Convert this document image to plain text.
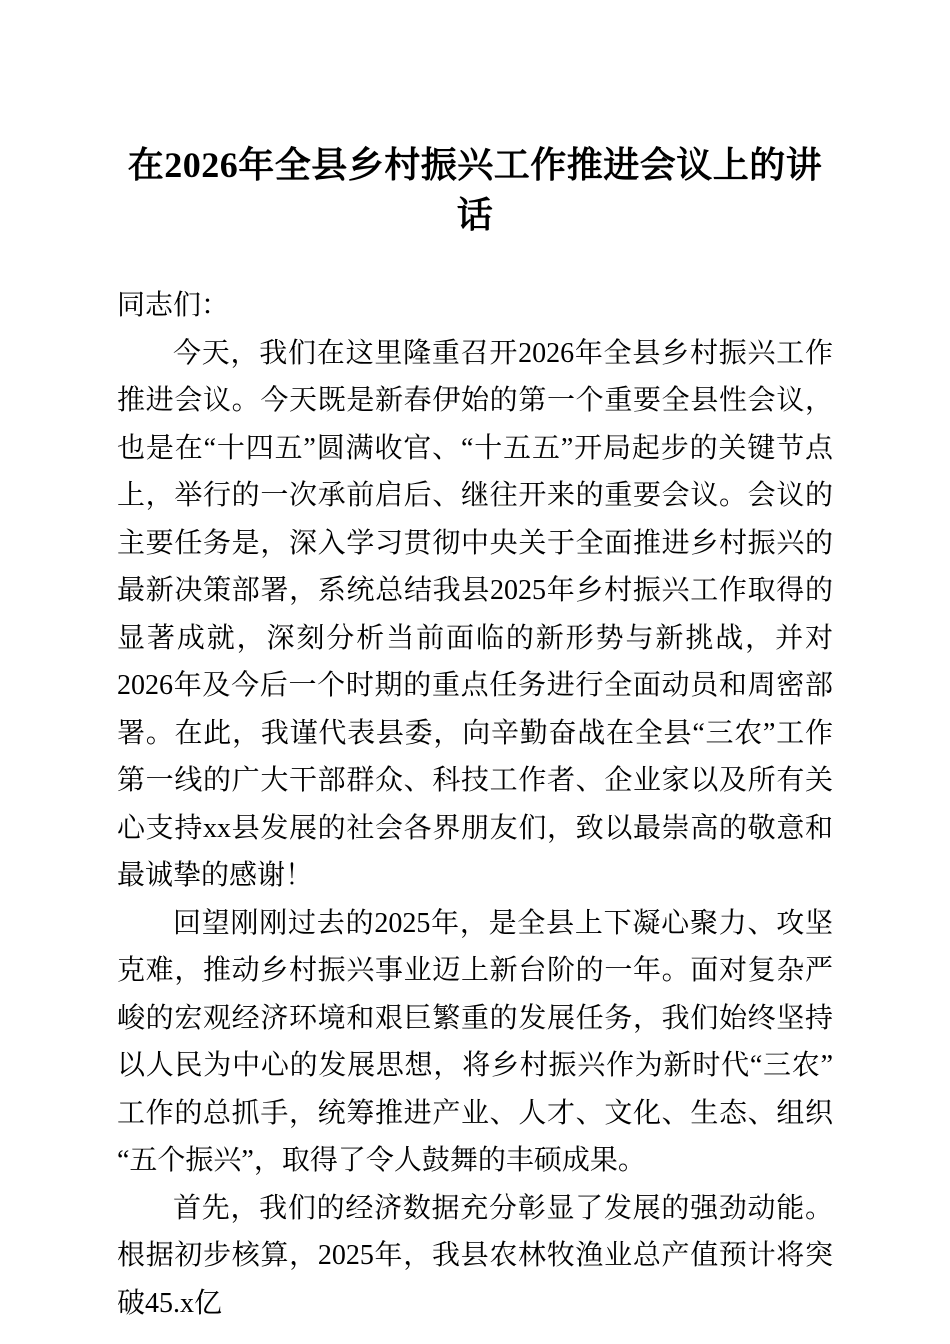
在2026年全县乡村振兴工作推进会议上的讲话

同志们：

今天，我们在这里隆重召开2026年全县乡村振兴工作推进会议。今天既是新春伊始的第一个重要全县性会议，也是在“十四五”圆满收官、“十五五”开局起步的关键节点上，举行的一次承前启后、继往开来的重要会议。会议的主要任务是，深入学习贯彻中央关于全面推进乡村振兴的最新决策部署，系统总结我县2025年乡村振兴工作取得的显著成就，深刻分析当前面临的新形势与新挑战，并对2026年及今后一个时期的重点任务进行全面动员和周密部署。在此，我谨代表县委，向辛勤奋战在全县“三农”工作第一线的广大干部群众、科技工作者、企业家以及所有关心支持xx县发展的社会各界朋友们，致以最崇高的敬意和最诚挚的感谢！

回望刚刚过去的2025年，是全县上下凝心聚力、攻坚克难，推动乡村振兴事业迈上新台阶的一年。面对复杂严峻的宏观经济环境和艰巨繁重的发展任务，我们始终坚持以人民为中心的发展思想，将乡村振兴作为新时代“三农”工作的总抓手，统筹推进产业、人才、文化、生态、组织“五个振兴”，取得了令人鼓舞的丰硕成果。

首先，我们的经济数据充分彰显了发展的强劲动能。根据初步核算，2025年，我县农林牧渔业总产值预计将突破45.x亿
